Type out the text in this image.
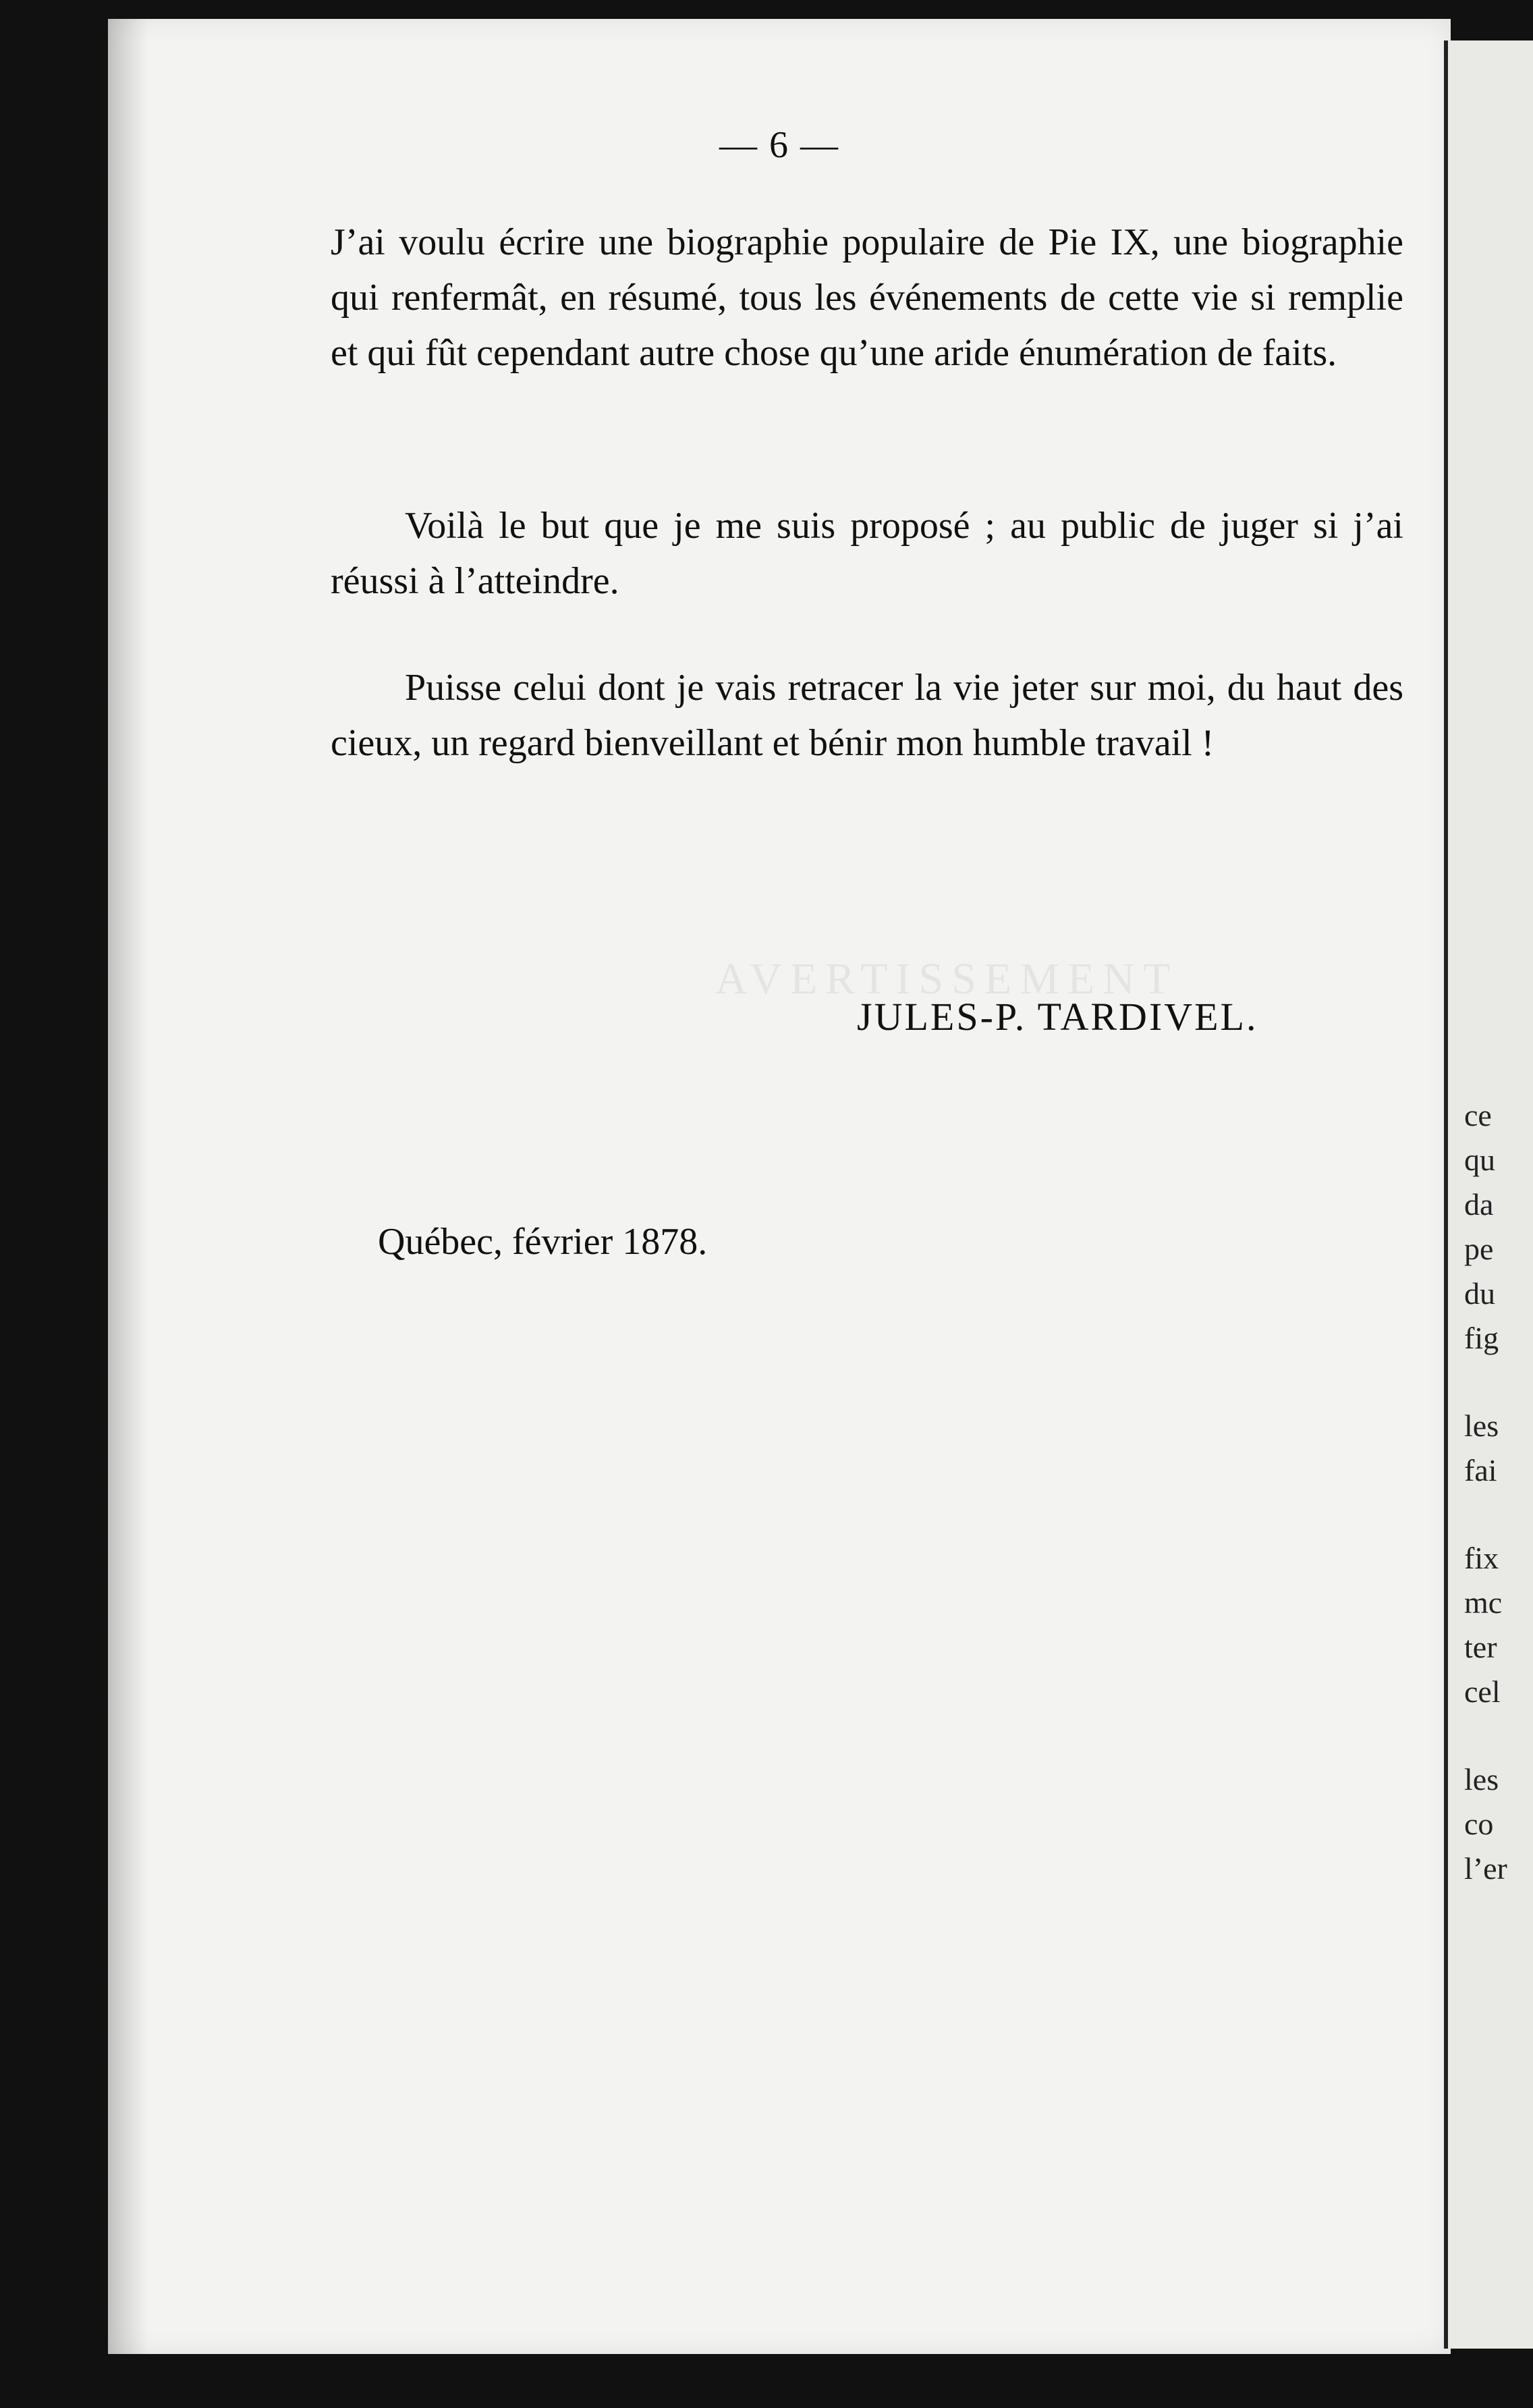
AVERTISSEMENT
— 6 —

J’ai voulu écrire une biographie populaire de Pie IX, une biographie qui renfermât, en résumé, tous les événements de cette vie si remplie et qui fût cependant autre chose qu’une aride énumération de faits.

Voilà le but que je me suis proposé ; au public de juger si j’ai réussi à l’atteindre.

Puisse celui dont je vais retracer la vie jeter sur moi, du haut des cieux, un regard bienveillant et bénir mon humble travail !

JULES-P. TARDIVEL.
Québec, février 1878.
ce
qu
da
pe
du
fig
les
fai
fix
mc
ter
cel
les
co
l’er
